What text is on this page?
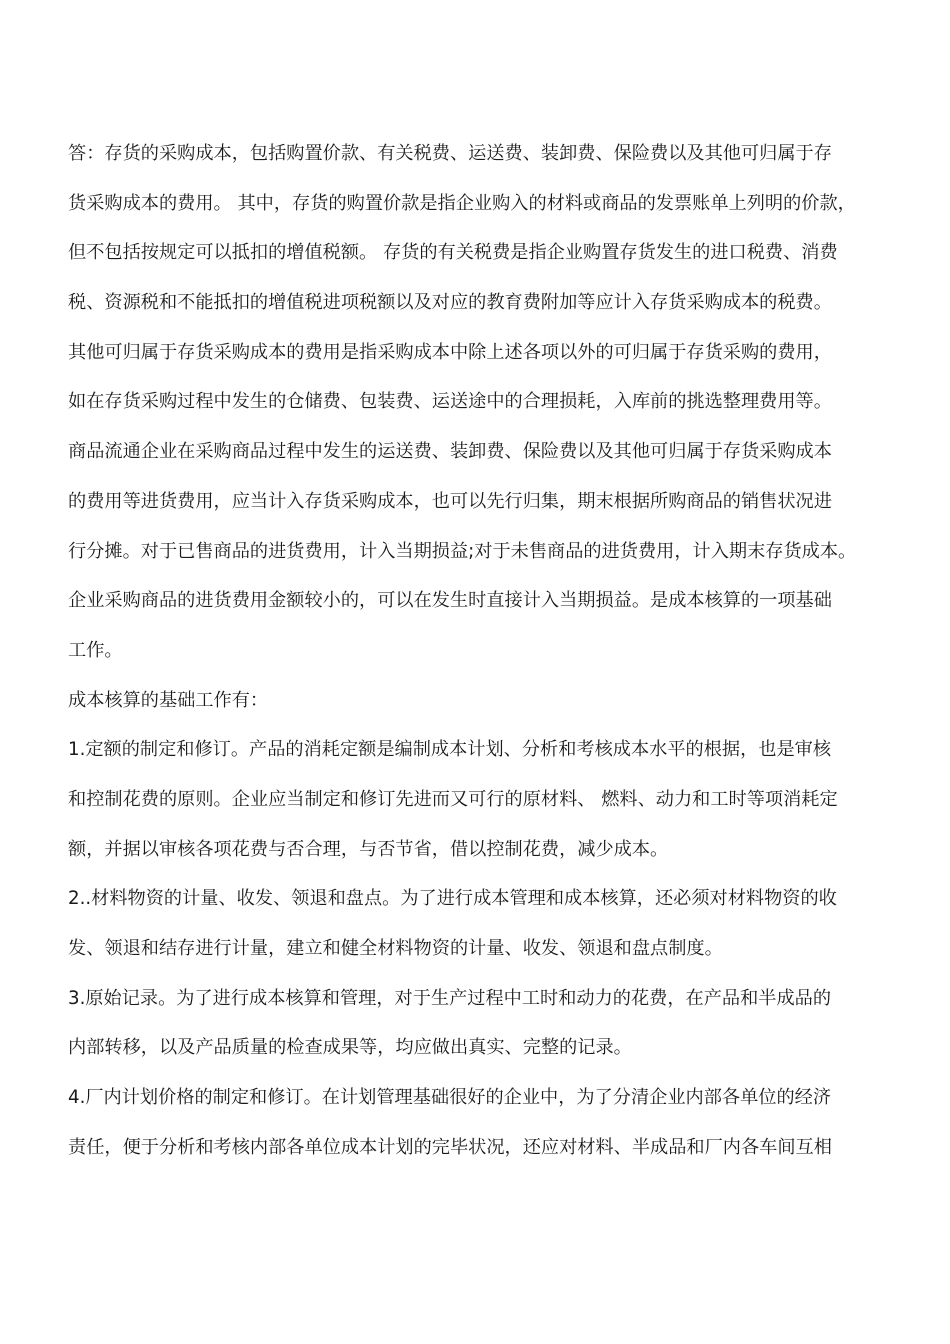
答：存货的采购成本，包括购置价款、有关税费、运送费、装卸费、保险费以及其他可归属于存
货采购成本的费用。 其中，存货的购置价款是指企业购入的材料或商品的发票账单上列明的价款，
但不包括按规定可以抵扣的增值税额。 存货的有关税费是指企业购置存货发生的进口税费、消费
税、资源税和不能抵扣的增值税进项税额以及对应的教育费附加等应计入存货采购成本的税费。
其他可归属于存货采购成本的费用是指采购成本中除上述各项以外的可归属于存货采购的费用，
如在存货采购过程中发生的仓储费、包装费、运送途中的合理损耗，入库前的挑选整理费用等。
商品流通企业在采购商品过程中发生的运送费、装卸费、保险费以及其他可归属于存货采购成本
的费用等进货费用，应当计入存货采购成本，也可以先行归集，期末根据所购商品的销售状况进
行分摊。对于已售商品的进货费用，计入当期损益;对于未售商品的进货费用，计入期末存货成本。
企业采购商品的进货费用金额较小的，可以在发生时直接计入当期损益。是成本核算的一项基础
工作。
成本核算的基础工作有：
1.定额的制定和修订。产品的消耗定额是编制成本计划、分析和考核成本水平的根据，也是审核
和控制花费的原则。企业应当制定和修订先进而又可行的原材料、 燃料、动力和工时等项消耗定
额，并据以审核各项花费与否合理，与否节省，借以控制花费，减少成本。
2..材料物资的计量、收发、领退和盘点。为了进行成本管理和成本核算，还必须对材料物资的收
发、领退和结存进行计量，建立和健全材料物资的计量、收发、领退和盘点制度。
3.原始记录。为了进行成本核算和管理，对于生产过程中工时和动力的花费，在产品和半成品的
内部转移，以及产品质量的检查成果等，均应做出真实、完整的记录。
4.厂内计划价格的制定和修订。在计划管理基础很好的企业中，为了分清企业内部各单位的经济
责任，便于分析和考核内部各单位成本计划的完毕状况，还应对材料、半成品和厂内各车间互相
